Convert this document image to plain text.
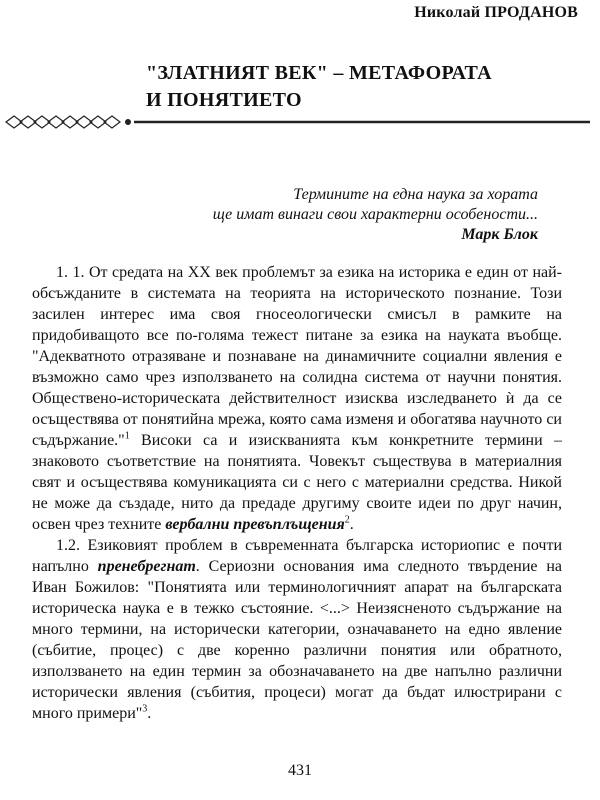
Николай ПРОДАНОВ
"ЗЛАТНИЯТ ВЕК" – МЕТАФОРАТА
И ПОНЯТИЕТО
Термините на една наука за хората
ще имат винаги свои характерни особености...
Марк Блок

1. 1. От средата на ХХ век проблемът за езика на историка е един от най-обсъжданите в системата на теорията на историческото познание. Този засилен интерес има своя гносеологически смисъл в рамките на придобиващото все по-голяма тежест питане за езика на науката въобще. "Адекватното отразяване и познаване на динамичните социални явления е възможно само чрез използването на солидна система от научни понятия. Обществено-историческата действителност изисква изследването ѝ да се осъществява от понятийна мрежа, която сама изменя и обогатява научното си съдържание."$^1$ Високи са и изискванията към конкретните термини – знаковото съответствие на понятията. Човекът съществува в материалния свят и осъществява комуникацията си с него с материални средства. Никой не може да създаде, нито да предаде другиму своите идеи по друг начин, освен чрез техните вербални превъплъщения$^2$.

1.2. Езиковият проблем в съвременната българска историопис е почти напълно пренебрегнат. Сериозни основания има следното твърдение на Иван Божилов: "Понятията или терминологичният апарат на българската историческа наука е в тежко състояние. <...> Неизясненото съдържание на много термини, на исторически категории, означаването на едно явление (събитие, процес) с две коренно различни понятия или обратното, използването на един термин за обозначаването на две напълно различни исторически явления (събития, процеси) могат да бъдат илюстрирани с много примери"$^3$.

431
